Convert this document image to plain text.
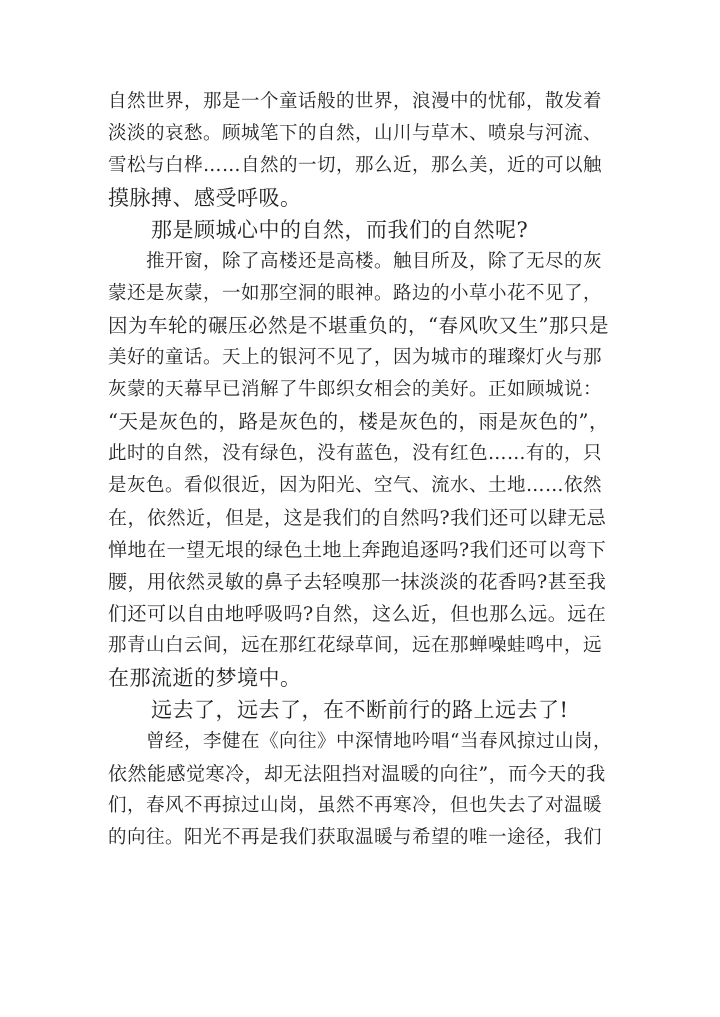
自然世界，那是一个童话般的世界，浪漫中的忧郁，散发着
淡淡的哀愁。顾城笔下的自然，山川与草木、喷泉与河流、
雪松与白桦……自然的一切，那么近，那么美，近的可以触
摸脉搏、感受呼吸。
　　那是顾城心中的自然，而我们的自然呢?
　　推开窗，除了高楼还是高楼。触目所及，除了无尽的灰
蒙还是灰蒙，一如那空洞的眼神。路边的小草小花不见了，
因为车轮的碾压必然是不堪重负的，“春风吹又生”那只是
美好的童话。天上的银河不见了，因为城市的璀璨灯火与那
灰蒙的天幕早已消解了牛郎织女相会的美好。正如顾城说：
“天是灰色的，路是灰色的，楼是灰色的，雨是灰色的”，
此时的自然，没有绿色，没有蓝色，没有红色……有的，只
是灰色。看似很近，因为阳光、空气、流水、土地……依然
在，依然近，但是，这是我们的自然吗?我们还可以肆无忌
惮地在一望无垠的绿色土地上奔跑追逐吗?我们还可以弯下
腰，用依然灵敏的鼻子去轻嗅那一抹淡淡的花香吗?甚至我
们还可以自由地呼吸吗?自然，这么近，但也那么远。远在
那青山白云间，远在那红花绿草间，远在那蝉噪蛙鸣中，远
在那流逝的梦境中。
　　远去了，远去了，在不断前行的路上远去了!
　　曾经，李健在《向往》中深情地吟唱“当春风掠过山岗，
依然能感觉寒冷，却无法阻挡对温暖的向往”，而今天的我
们，春风不再掠过山岗，虽然不再寒冷，但也失去了对温暖
的向往。阳光不再是我们获取温暖与希望的唯一途径，我们
